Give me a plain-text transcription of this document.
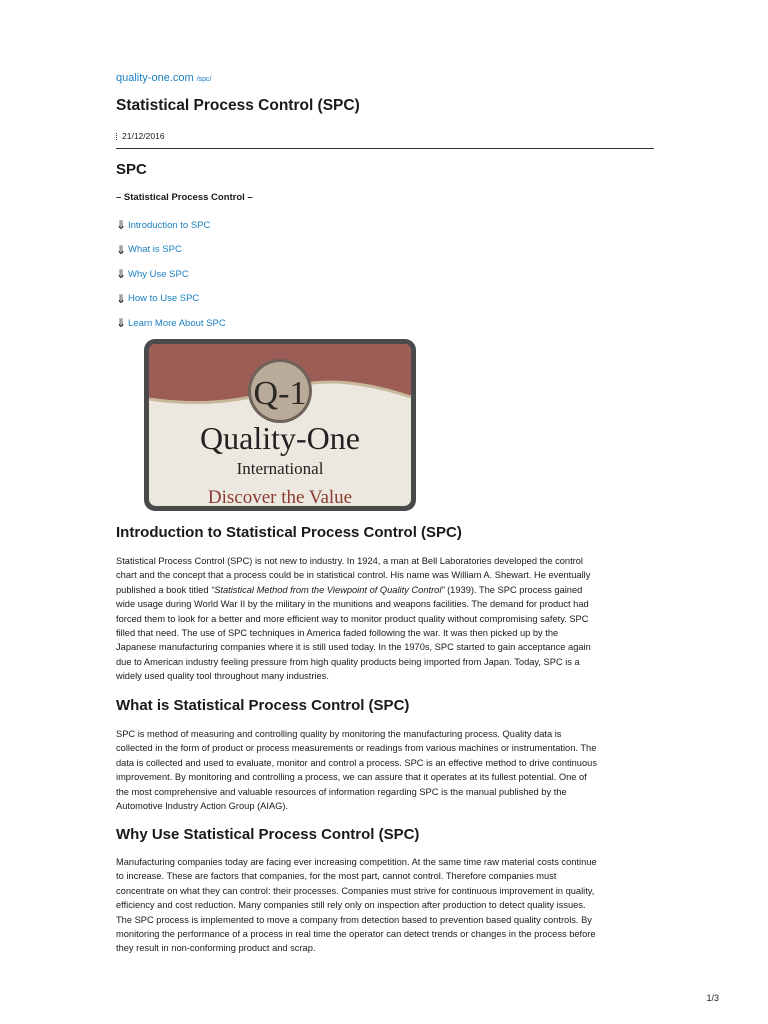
quality-one.com /spc/
Statistical Process Control (SPC)
21/12/2016
SPC
– Statistical Process Control –
⇓ Introduction to SPC
⇓ What is SPC
⇓ Why Use SPC
⇓ How to Use SPC
⇓ Learn More About SPC
Q-1
Quality-One
International
Discover the Value
Introduction to Statistical Process Control (SPC)
Statistical Process Control (SPC) is not new to industry. In 1924, a man at Bell Laboratories developed the control
chart and the concept that a process could be in statistical control. His name was William A. Shewart. He eventually
published a book titled “Statistical Method from the Viewpoint of Quality Control” (1939). The SPC process gained
wide usage during World War II by the military in the munitions and weapons facilities. The demand for product had
forced them to look for a better and more efficient way to monitor product quality without compromising safety. SPC
filled that need. The use of SPC techniques in America faded following the war. It was then picked up by the
Japanese manufacturing companies where it is still used today. In the 1970s, SPC started to gain acceptance again
due to American industry feeling pressure from high quality products being imported from Japan. Today, SPC is a
widely used quality tool throughout many industries.
What is Statistical Process Control (SPC)
SPC is method of measuring and controlling quality by monitoring the manufacturing process. Quality data is
collected in the form of product or process measurements or readings from various machines or instrumentation. The
data is collected and used to evaluate, monitor and control a process. SPC is an effective method to drive continuous
improvement. By monitoring and controlling a process, we can assure that it operates at its fullest potential. One of
the most comprehensive and valuable resources of information regarding SPC is the manual published by the
Automotive Industry Action Group (AIAG).
Why Use Statistical Process Control (SPC)
Manufacturing companies today are facing ever increasing competition. At the same time raw material costs continue
to increase. These are factors that companies, for the most part, cannot control. Therefore companies must
concentrate on what they can control: their processes. Companies must strive for continuous improvement in quality,
efficiency and cost reduction. Many companies still rely only on inspection after production to detect quality issues.
The SPC process is implemented to move a company from detection based to prevention based quality controls. By
monitoring the performance of a process in real time the operator can detect trends or changes in the process before
they result in non-conforming product and scrap.
1/3
